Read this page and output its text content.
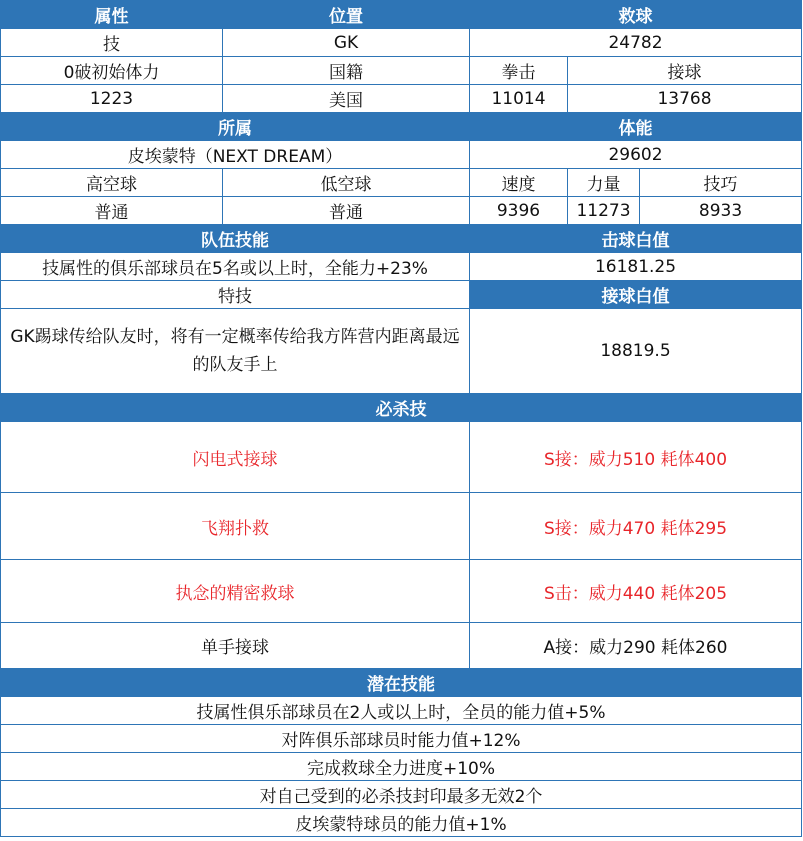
属性	位置	救球		
技	GK	24782		
0破初始体力	国籍	拳击	接球	
1223	美国	11014	13768	
所属		体能		
皮埃蒙特（NEXT DREAM）		29602		
高空球	低空球	速度	力量	技巧
普通	普通	9396	11273	8933
队伍技能		击球白值		
技属性的俱乐部球员在5名或以上时，全能力+23%		16181.25		
特技		接球白值		
GK踢球传给队友时，将有一定概率传给我方阵营内距离最远的队友手上		18819.5		
必杀技				
闪电式接球		S接：威力510 耗体400		
飞翔扑救		S接：威力470 耗体295		
执念的精密救球		S击：威力440 耗体205		
单手接球		A接：威力290 耗体260		
潜在技能				
技属性俱乐部球员在2人或以上时，全员的能力值+5%				
对阵俱乐部球员时能力值+12%				
完成救球全力进度+10%				
对自己受到的必杀技封印最多无效2个				
皮埃蒙特球员的能力值+1%				
